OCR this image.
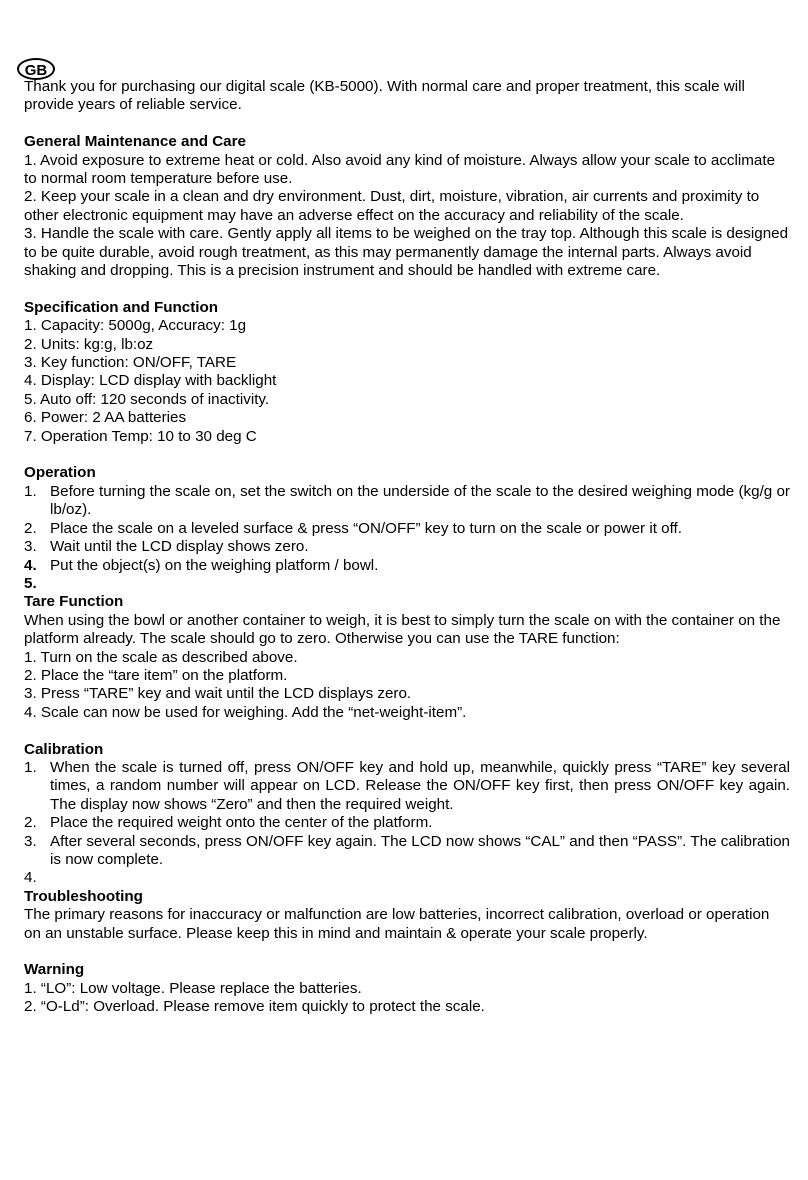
GB

Thank you for purchasing our digital scale (KB-5000). With normal care and proper treatment, this scale will provide years of reliable service.

General Maintenance and Care

1. Avoid exposure to extreme heat or cold. Also avoid any kind of moisture. Always allow your scale to acclimate to normal room temperature before use.

2. Keep your scale in a clean and dry environment. Dust, dirt, moisture, vibration, air currents and proximity to other electronic equipment may have an adverse effect on the accuracy and reliability of the scale.

3. Handle the scale with care. Gently apply all items to be weighed on the tray top. Although this scale is designed to be quite durable, avoid rough treatment, as this may permanently damage the internal parts. Always avoid shaking and dropping. This is a precision instrument and should be handled with extreme care.

Specification and Function

1. Capacity: 5000g, Accuracy: 1g

2. Units: kg:g, lb:oz

3. Key function: ON/OFF, TARE

4. Display: LCD display with backlight

5. Auto off: 120 seconds of inactivity.

6. Power: 2 AA batteries

7. Operation Temp: 10 to 30 deg C

Operation
1. Before turning the scale on, set the switch on the underside of the scale to the desired weighing mode (kg/g or lb/oz).
2. Place the scale on a leveled surface & press “ON/OFF” key to turn on the scale or power it off.
3. Wait until the LCD display shows zero.
4. Put the object(s) on the weighing platform / bowl.
5.

Tare Function

When using the bowl or another container to weigh, it is best to simply turn the scale on with the container on the platform already. The scale should go to zero. Otherwise you can use the TARE function:

1. Turn on the scale as described above.

2. Place the “tare item” on the platform.

3. Press “TARE” key and wait until the LCD displays zero.

4. Scale can now be used for weighing. Add the “net-weight-item”.

Calibration
1. When the scale is turned off, press ON/OFF key and hold up, meanwhile, quickly press “TARE” key several times, a random number will appear on LCD. Release the ON/OFF key first, then press ON/OFF key again. The display now shows “Zero” and then the required weight.
2. Place the required weight onto the center of the platform.
3. After several seconds, press ON/OFF key again. The LCD now shows “CAL” and then “PASS”. The calibration is now complete.
4.

Troubleshooting

The primary reasons for inaccuracy or malfunction are low batteries, incorrect calibration, overload or operation on an unstable surface. Please keep this in mind and maintain & operate your scale properly.

Warning

1. “LO”: Low voltage. Please replace the batteries.

2. “O-Ld”: Overload. Please remove item quickly to protect the scale.
